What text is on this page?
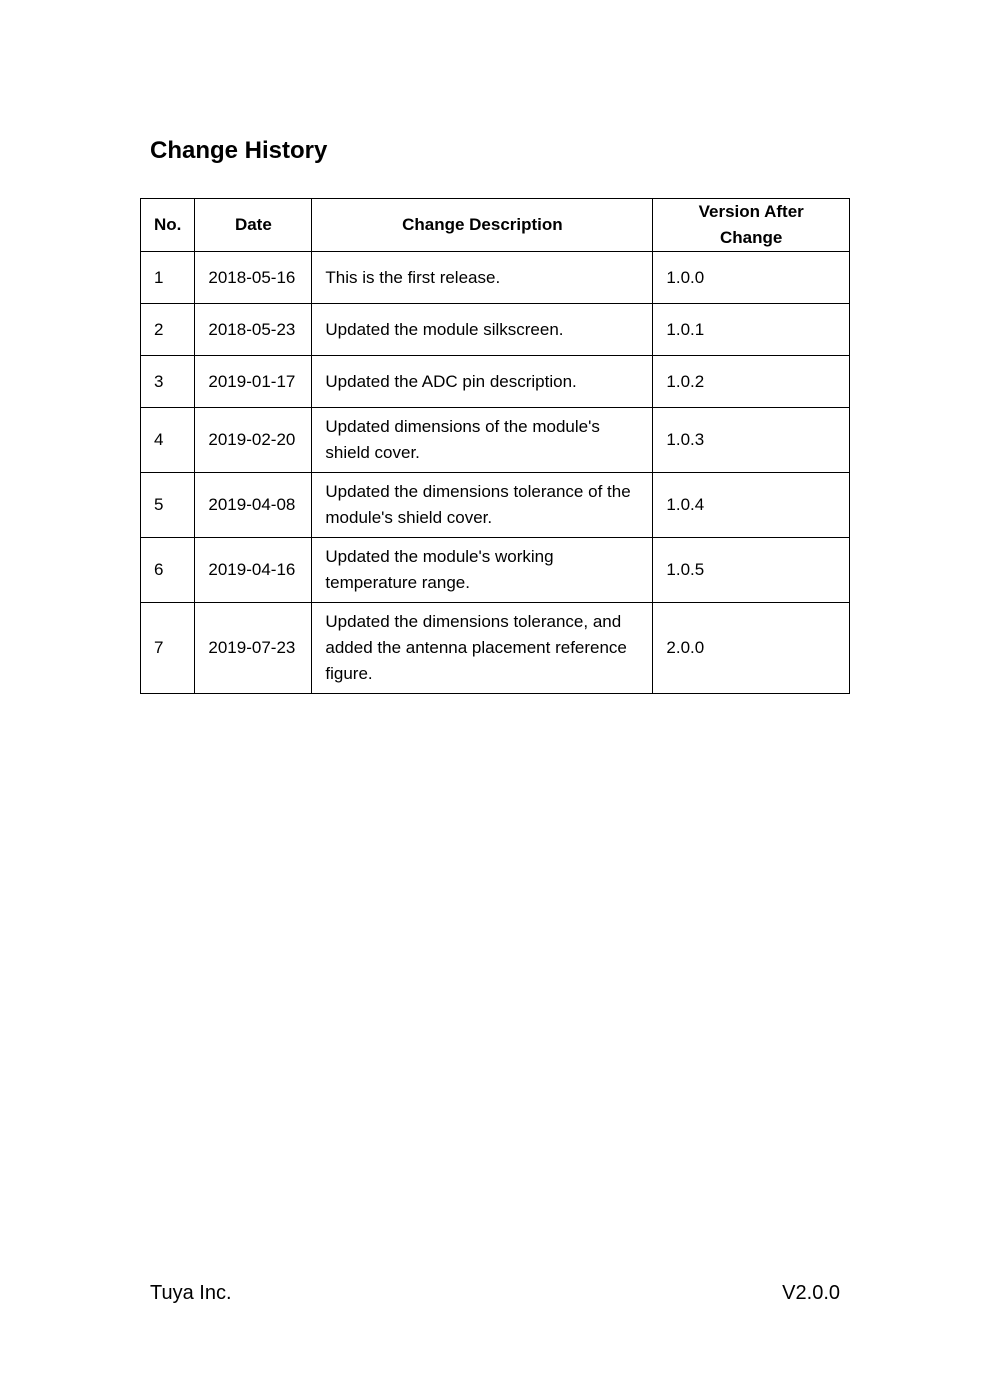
Change History
No.	Date	Change Description	Version After Change
1	2018-05-16	This is the first release.	1.0.0
2	2018-05-23	Updated the module silkscreen.	1.0.1
3	2019-01-17	Updated the ADC pin description.	1.0.2
4	2019-02-20	Updated dimensions of the module's shield cover.	1.0.3
5	2019-04-08	Updated the dimensions tolerance of the module's shield cover.	1.0.4
6	2019-04-16	Updated the module's working temperature range.	1.0.5
7	2019-07-23	Updated the dimensions tolerance, and added the antenna placement reference figure.	2.0.0
Tuya Inc.	V2.0.0
